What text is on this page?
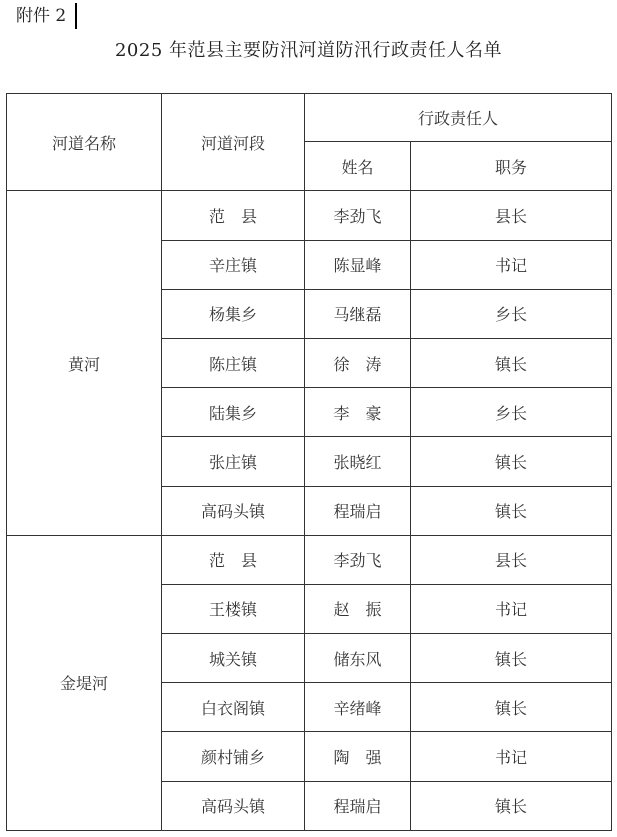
附件 2
2025 年范县主要防汛河道防汛行政责任人名单
河道名称	河道河段	行政责任人	
		姓名	职务
黄河	范　县	李劲飞	县长
	辛庄镇	陈显峰	书记
	杨集乡	马继磊	乡长
	陈庄镇	徐　涛	镇长
	陆集乡	李　豪	乡长
	张庄镇	张晓红	镇长
	高码头镇	程瑞启	镇长
金堤河	范　县	李劲飞	县长
	王楼镇	赵　振	书记
	城关镇	储东风	镇长
	白衣阁镇	辛绪峰	镇长
	颜村铺乡	陶　强	书记
	高码头镇	程瑞启	镇长
